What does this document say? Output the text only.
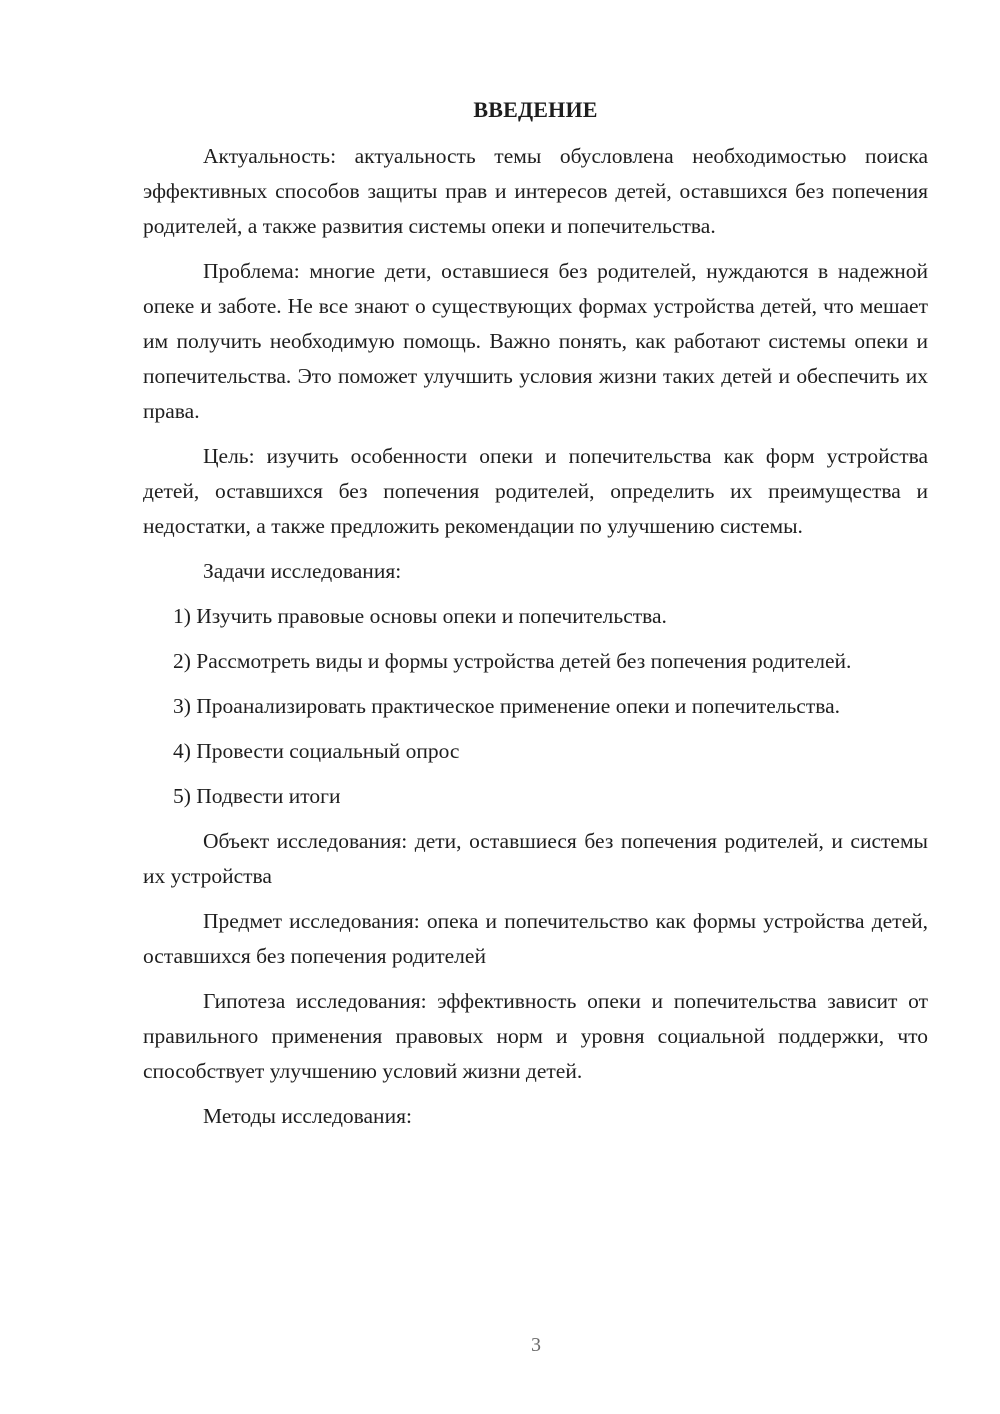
ВВЕДЕНИЕ

Актуальность: актуальность темы обусловлена необходимостью поиска эффективных способов защиты прав и интересов детей, оставшихся без попечения родителей, а также развития системы опеки и попечительства.

Проблема: многие дети, оставшиеся без родителей, нуждаются в надежной опеке и заботе. Не все знают о существующих формах устройства детей, что мешает им получить необходимую помощь. Важно понять, как работают системы опеки и попечительства. Это поможет улучшить условия жизни таких детей и обеспечить их права.

Цель: изучить особенности опеки и попечительства как форм устройства детей, оставшихся без попечения родителей, определить их преимущества и недостатки, а также предложить рекомендации по улучшению системы.

Задачи исследования:

1) Изучить правовые основы опеки и попечительства.

2) Рассмотреть виды и формы устройства детей без попечения родителей.

3) Проанализировать практическое применение опеки и попечительства.

4) Провести социальный опрос

5) Подвести итоги

Объект исследования: дети, оставшиеся без попечения родителей, и системы их устройства

Предмет исследования: опека и попечительство как формы устройства детей, оставшихся без попечения родителей

Гипотеза исследования: эффективность опеки и попечительства зависит от правильного применения правовых норм и уровня социальной поддержки, что способствует улучшению условий жизни детей.

Методы исследования:

3
